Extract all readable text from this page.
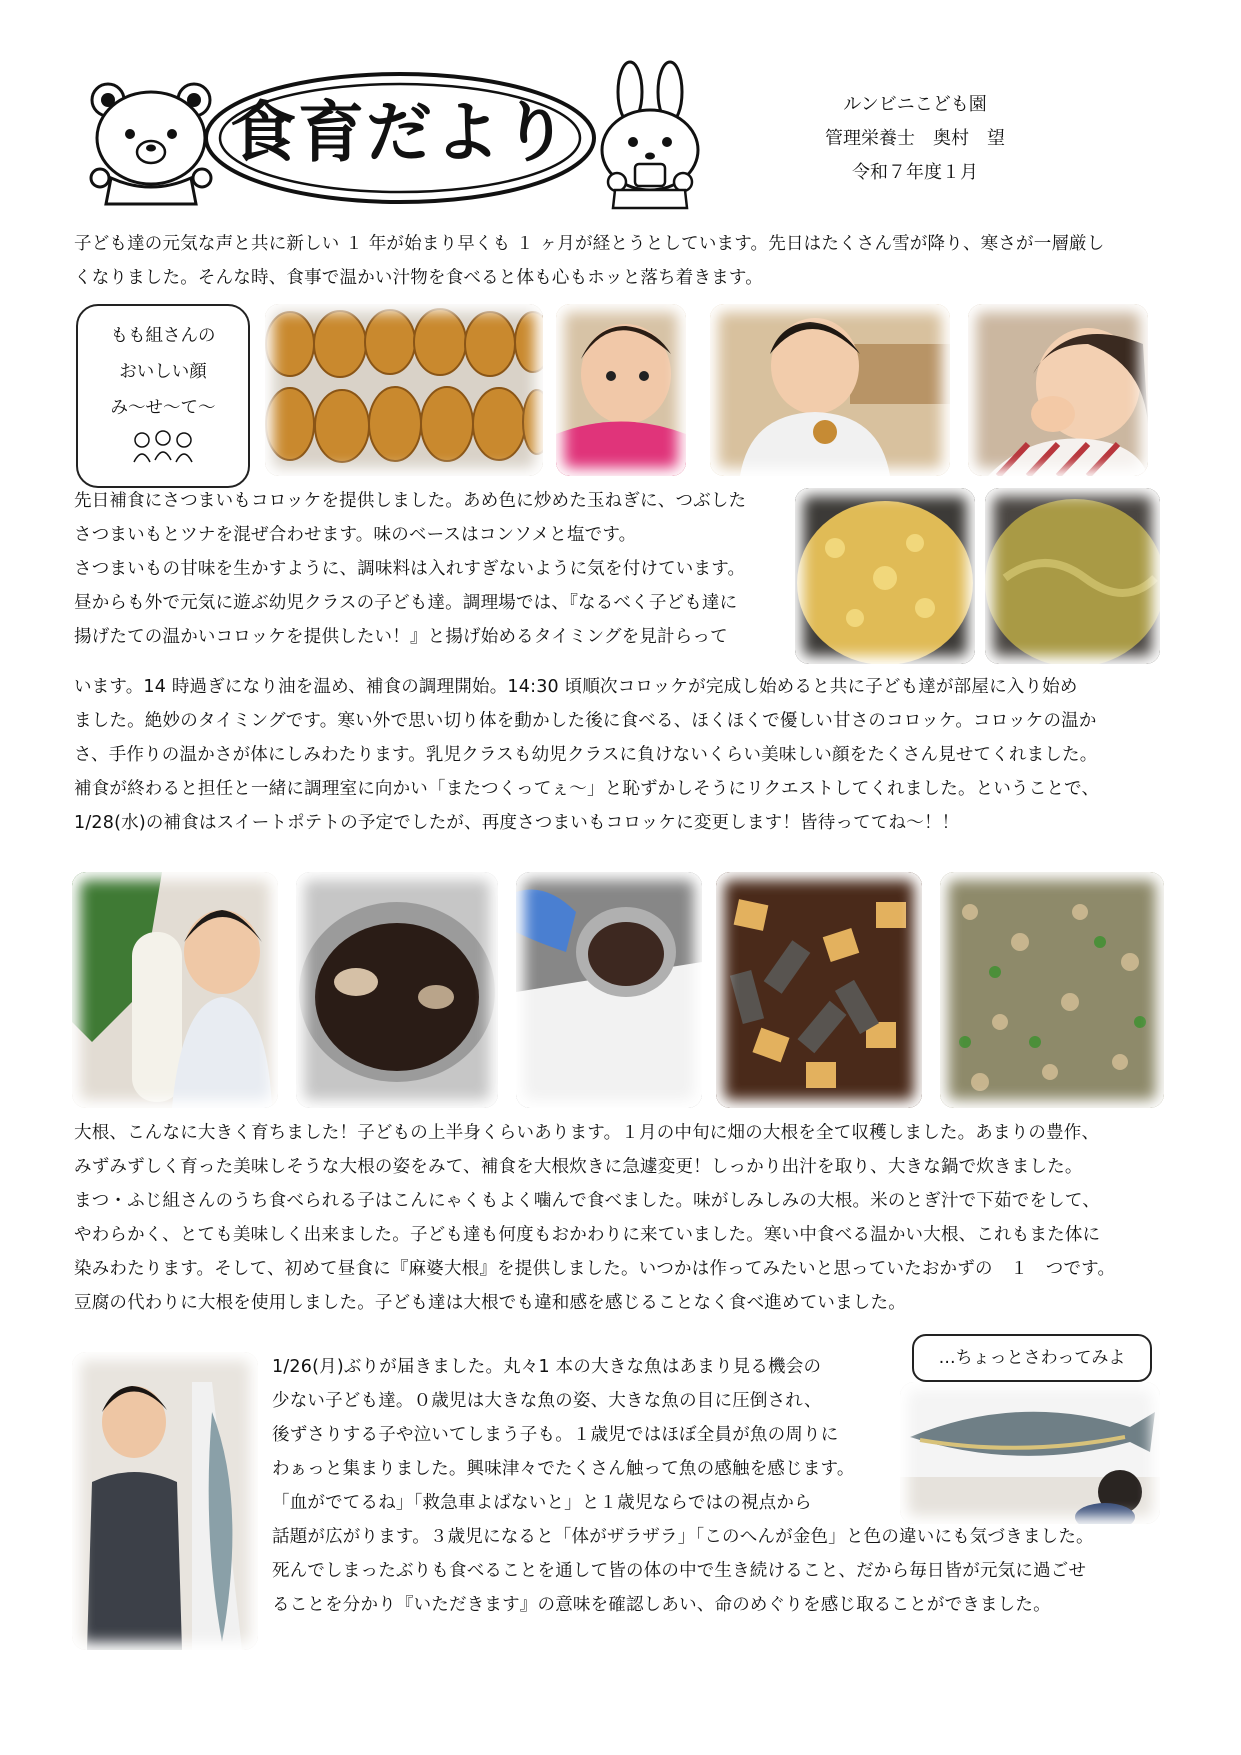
食育だより	ルンビニこども園
管理栄養士　奥村　望
令和７年度１月
子ども達の元気な声と共に新しい １ 年が始まり早くも １ ヶ月が経とうとしています。先日はたくさん雪が降り、寒さが一層厳し
くなりました。そんな時、食事で温かい汁物を食べると体も心もホッと落ち着きます。
もも組さんの
おいしい顔
み～せ～て～
先日補食にさつまいもコロッケを提供しました。あめ色に炒めた玉ねぎに、つぶした
さつまいもとツナを混ぜ合わせます。味のベースはコンソメと塩です。
さつまいもの甘味を生かすように、調味料は入れすぎないように気を付けています。
昼からも外で元気に遊ぶ幼児クラスの子ども達。調理場では、『なるべく子ども達に
揚げたての温かいコロッケを提供したい！』と揚げ始めるタイミングを見計らって
います。14 時過ぎになり油を温め、補食の調理開始。14:30 頃順次コロッケが完成し始めると共に子ども達が部屋に入り始め
ました。絶妙のタイミングです。寒い外で思い切り体を動かした後に食べる、ほくほくで優しい甘さのコロッケ。コロッケの温か
さ、手作りの温かさが体にしみわたります。乳児クラスも幼児クラスに負けないくらい美味しい顔をたくさん見せてくれました。
補食が終わると担任と一緒に調理室に向かい「またつくってぇ～」と恥ずかしそうにリクエストしてくれました。ということで、
1/28(水)の補食はスイートポテトの予定でしたが、再度さつまいもコロッケに変更します！皆待っててね～！！
大根、こんなに大きく育ちました！子どもの上半身くらいあります。１月の中旬に畑の大根を全て収穫しました。あまりの豊作、
みずみずしく育った美味しそうな大根の姿をみて、補食を大根炊きに急遽変更！しっかり出汁を取り、大きな鍋で炊きました。
まつ・ふじ組さんのうち食べられる子はこんにゃくもよく噛んで食べました。味がしみしみの大根。米のとぎ汁で下茹でをして、
やわらかく、とても美味しく出来ました。子ども達も何度もおかわりに来ていました。寒い中食べる温かい大根、これもまた体に
染みわたります。そして、初めて昼食に『麻婆大根』を提供しました。いつかは作ってみたいと思っていたおかずの　１　つです。
豆腐の代わりに大根を使用しました。子ども達は大根でも違和感を感じることなく食べ進めていました。
1/26(月)ぶりが届きました。丸々1 本の大きな魚はあまり見る機会の
少ない子ども達。０歳児は大きな魚の姿、大きな魚の目に圧倒され、
後ずさりする子や泣いてしまう子も。１歳児ではほぼ全員が魚の周りに
わぁっと集まりました。興味津々でたくさん触って魚の感触を感じます。
「血がでてるね」「救急車よばないと」と１歳児ならではの視点から
…ちょっとさわってみよ
話題が広がります。３歳児になると「体がザラザラ」「このへんが金色」と色の違いにも気づきました。
死んでしまったぶりも食べることを通して皆の体の中で生き続けること、だから毎日皆が元気に過ごせ
ることを分かり『いただきます』の意味を確認しあい、命のめぐりを感じ取ることができました。
